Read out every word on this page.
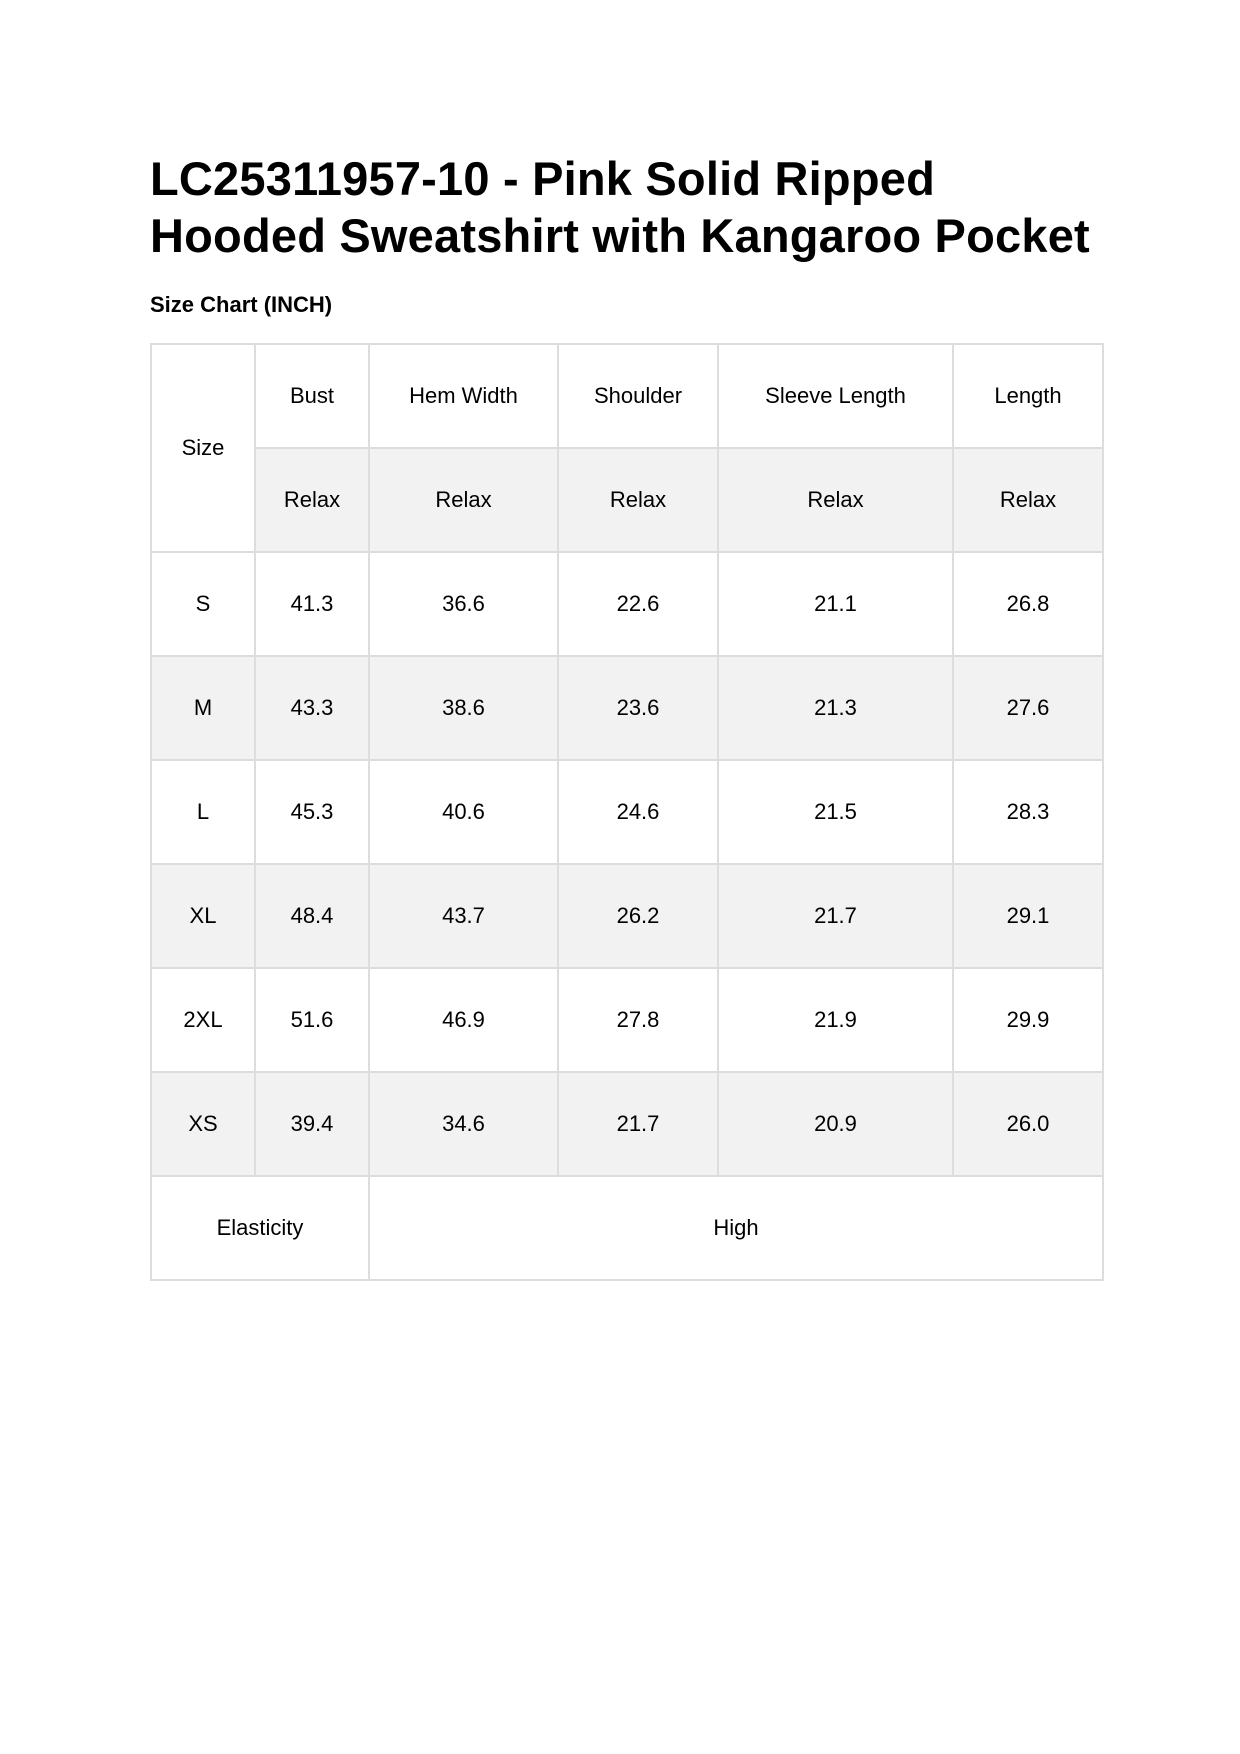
LC25311957-10 - Pink Solid Ripped Hooded Sweatshirt with Kangaroo Pocket
Size Chart (INCH)
Size	Bust	Hem Width	Shoulder	Sleeve Length	Length
	Relax	Relax	Relax	Relax	Relax
S	41.3	36.6	22.6	21.1	26.8
M	43.3	38.6	23.6	21.3	27.6
L	45.3	40.6	24.6	21.5	28.3
XL	48.4	43.7	26.2	21.7	29.1
2XL	51.6	46.9	27.8	21.9	29.9
XS	39.4	34.6	21.7	20.9	26.0
Elasticity		High			
